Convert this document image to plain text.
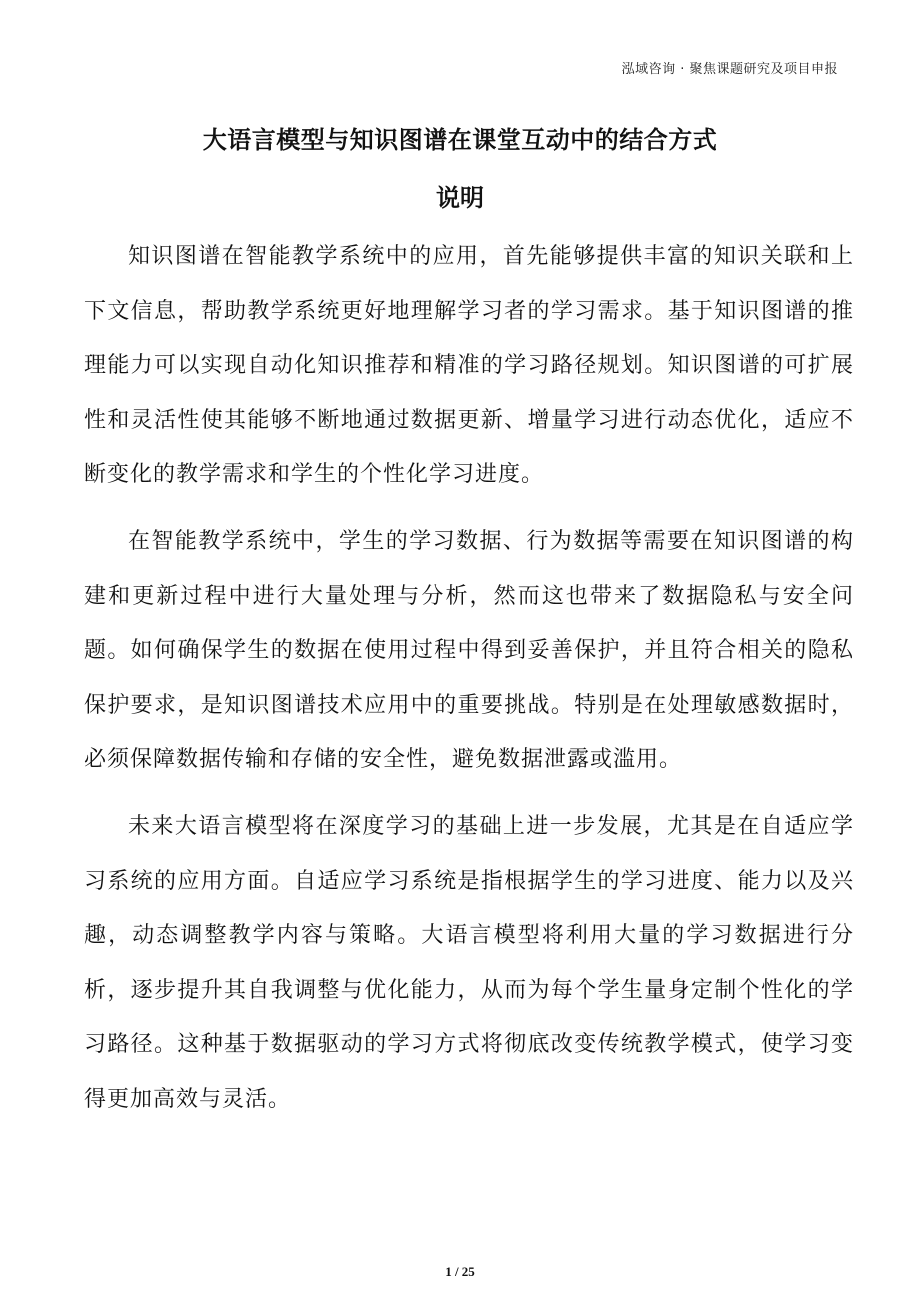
泓域咨询 · 聚焦课题研究及项目申报
大语言模型与知识图谱在课堂互动中的结合方式
说明

知识图谱在智能教学系统中的应用，首先能够提供丰富的知识关联和上下文信息，帮助教学系统更好地理解学习者的学习需求。基于知识图谱的推理能力可以实现自动化知识推荐和精准的学习路径规划。知识图谱的可扩展性和灵活性使其能够不断地通过数据更新、增量学习进行动态优化，适应不断变化的教学需求和学生的个性化学习进度。

在智能教学系统中，学生的学习数据、行为数据等需要在知识图谱的构建和更新过程中进行大量处理与分析，然而这也带来了数据隐私与安全问题。如何确保学生的数据在使用过程中得到妥善保护，并且符合相关的隐私保护要求，是知识图谱技术应用中的重要挑战。特别是在处理敏感数据时，必须保障数据传输和存储的安全性，避免数据泄露或滥用。

未来大语言模型将在深度学习的基础上进一步发展，尤其是在自适应学习系统的应用方面。自适应学习系统是指根据学生的学习进度、能力以及兴趣，动态调整教学内容与策略。大语言模型将利用大量的学习数据进行分析，逐步提升其自我调整与优化能力，从而为每个学生量身定制个性化的学习路径。这种基于数据驱动的学习方式将彻底改变传统教学模式，使学习变得更加高效与灵活。

1 / 25
